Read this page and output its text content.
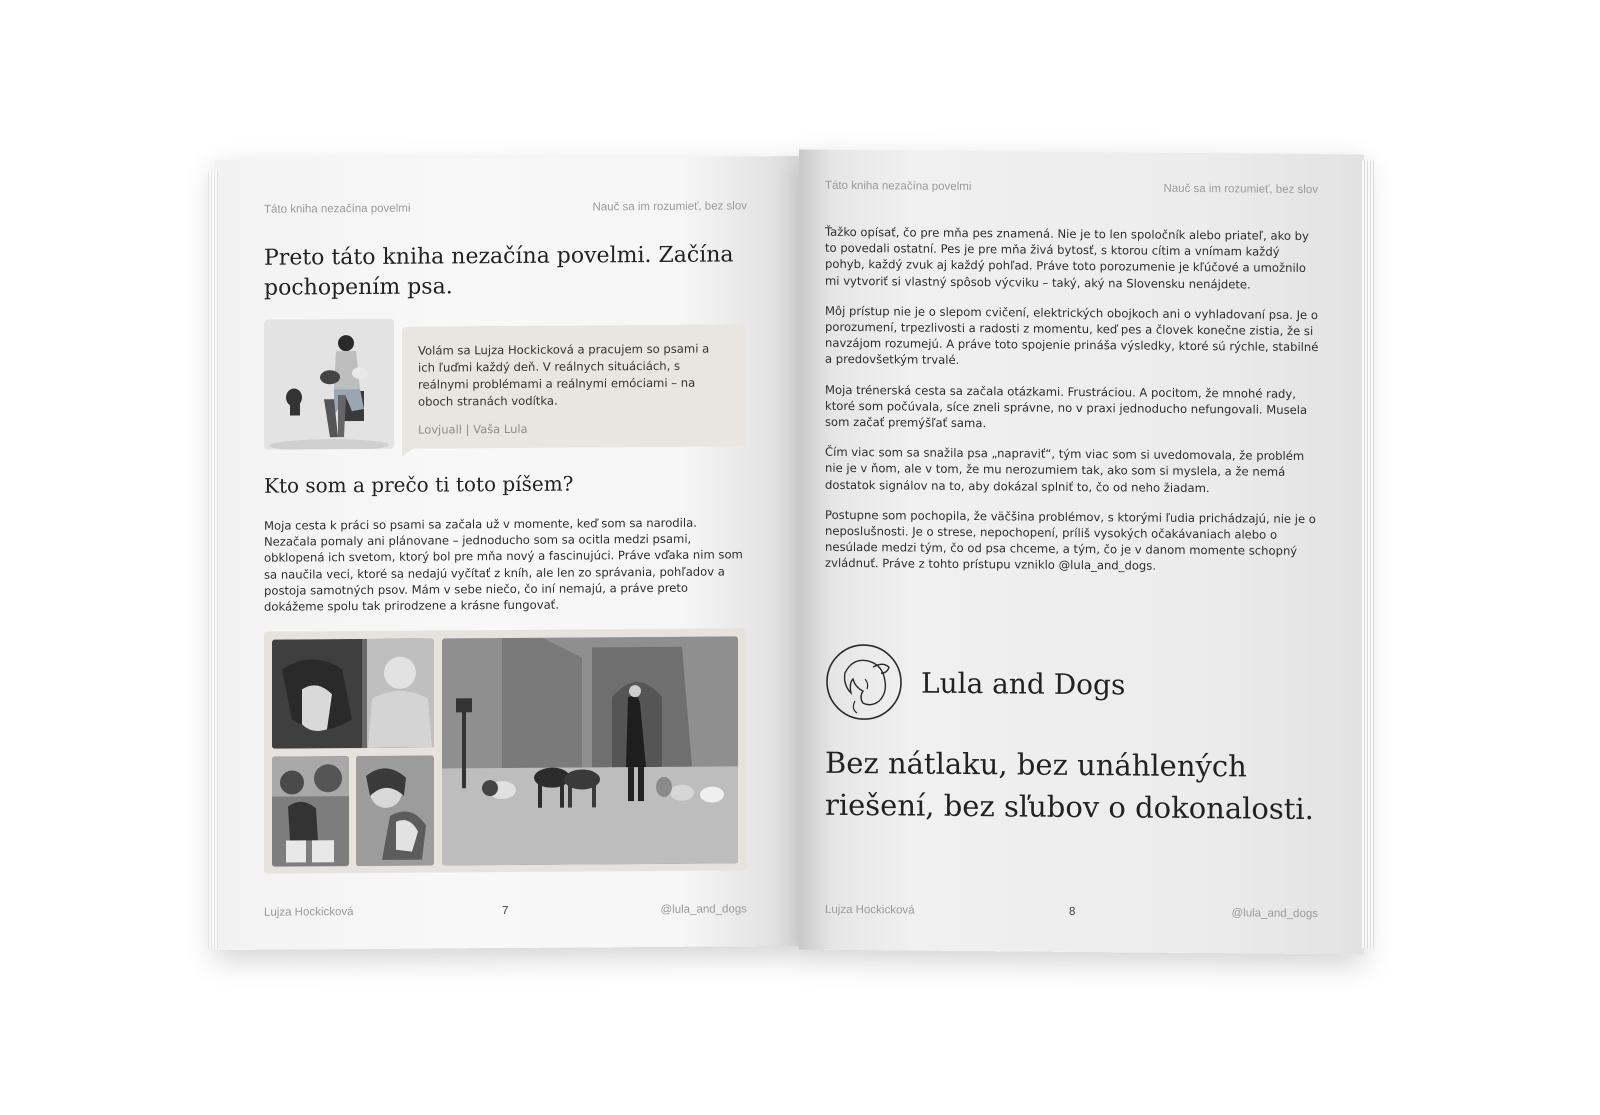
Táto kniha nezačína povelmi	Nauč sa im rozumieť, bez slov
Preto táto kniha nezačína povelmi. Začína pochopením psa.
Volám sa Lujza Hockicková a pracujem so psami a ich ľuďmi každý deň. V reálnych situáciách, s reálnymi problémami a reálnymi emóciami – na oboch stranách vodítka.
Lovjuall | Vaša Lula
Kto som a prečo ti toto píšem?
Moja cesta k práci so psami sa začala už v momente, keď som sa narodila. Nezačala pomaly ani plánovane – jednoducho som sa ocitla medzi psami, obklopená ich svetom, ktorý bol pre mňa nový a fascinujúci. Práve vďaka nim som sa naučila veci, ktoré sa nedajú vyčítať z kníh, ale len zo správania, pohľadov a postoja samotných psov. Mám v sebe niečo, čo iní nemajú, a práve preto dokážeme spolu tak prirodzene a krásne fungovať.
Lujza Hockicková	7	@lula_and_dogs
Táto kniha nezačína povelmi	Nauč sa im rozumieť, bez slov

Ťažko opísať, čo pre mňa pes znamená. Nie je to len spoločník alebo priateľ, ako by to povedali ostatní. Pes je pre mňa živá bytosť, s ktorou cítim a vnímam každý pohyb, každý zvuk aj každý pohľad. Práve toto porozumenie je kľúčové a umožnilo mi vytvoriť si vlastný spôsob výcviku – taký, aký na Slovensku nenájdete.

Môj prístup nie je o slepom cvičení, elektrických obojkoch ani o vyhladovaní psa. Je o porozumení, trpezlivosti a radosti z momentu, keď pes a človek konečne zistia, že si navzájom rozumejú. A práve toto spojenie prináša výsledky, ktoré sú rýchle, stabilné a predovšetkým trvalé.

Moja trénerská cesta sa začala otázkami. Frustráciou. A pocitom, že mnohé rady, ktoré som počúvala, síce zneli správne, no v praxi jednoducho nefungovali. Musela som začať premýšľať sama.

Čím viac som sa snažila psa „napraviť“, tým viac som si uvedomovala, že problém nie je v ňom, ale v tom, že mu nerozumiem tak, ako som si myslela, a že nemá dostatok signálov na to, aby dokázal splniť to, čo od neho žiadam.

Postupne som pochopila, že väčšina problémov, s ktorými ľudia prichádzajú, nie je o neposlušnosti. Je o strese, nepochopení, príliš vysokých očakávaniach alebo o nesúlade medzi tým, čo od psa chceme, a tým, čo je v danom momente schopný zvládnuť. Práve z tohto prístupu vzniklo @lula_and_dogs.

Lula and Dogs
Bez nátlaku, bez unáhlených riešení, bez sľubov o dokonalosti.
Lujza Hockicková	8	@lula_and_dogs
